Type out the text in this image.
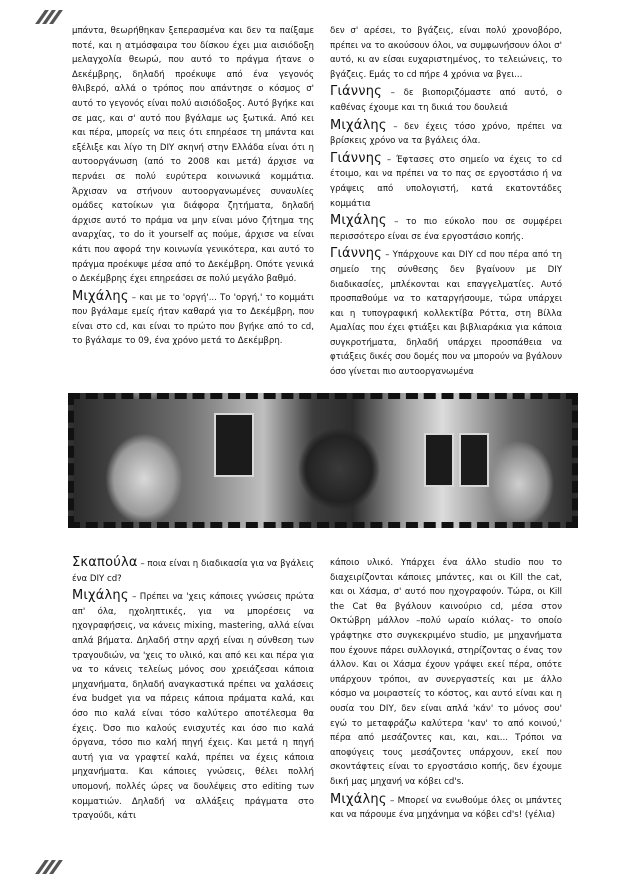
μπάντα, θεωρήθηκαν ξεπερασμένα και δεν τα παίξαμε ποτέ, και η ατμόσφαιρα του δίσκου έχει μια αισιόδοξη μελαγχολία θεωρώ, που αυτό το πράγμα ήτανε ο Δεκέμβρης, δηλαδή προέκυψε από ένα γεγονός θλιβερό, αλλά ο τρόπος που απάντησε ο κόσμος σ' αυτό το γεγονός είναι πολύ αισιόδοξος. Αυτό βγήκε και σε μας, και σ' αυτό που βγάλαμε ως ξωτικά. Από κει και πέρα, μπορείς να πεις ότι επηρέασε τη μπάντα και εξέλιξε και λίγο τη DIY σκηνή στην Ελλάδα είναι ότι η αυτοοργάνωση (από το 2008 και μετά) άρχισε να περνάει σε πολύ ευρύτερα κοινωνικά κομμάτια. Άρχισαν να στήνουν αυτοοργανωμένες συναυλίες ομάδες κατοίκων για διάφορα ζητήματα, δηλαδή άρχισε αυτό το πράμα να μην είναι μόνο ζήτημα της αναρχίας, το do it yourself ας πούμε, άρχισε να είναι κάτι που αφορά την κοινωνία γενικότερα, και αυτό το πράγμα προέκυψε μέσα από το Δεκέμβρη. Οπότε γενικά ο Δεκέμβρης έχει επηρεάσει σε πολύ μεγάλο βαθμό.

Μιχάλης – και με το 'οργή'... Το 'οργή,' το κομμάτι που βγάλαμε εμείς ήταν καθαρά για το Δεκέμβρη, που είναι στο cd, και είναι το πρώτο που βγήκε από το cd, το βγάλαμε το 09, ένα χρόνο μετά το Δεκέμβρη.

δεν σ' αρέσει, το βγάζεις, είναι πολύ χρονοβόρο, πρέπει να το ακούσουν όλοι, να συμφωνήσουν όλοι σ' αυτό, κι αν είσαι ευχαριστημένος, το τελειώνεις, το βγάζεις. Εμάς το cd πήρε 4 χρόνια να βγει...

Γιάννης – δε βιοποριζόμαστε από αυτό, ο καθένας έχουμε και τη δικιά του δουλειά

Μιχάλης – δεν έχεις τόσο χρόνο, πρέπει να βρίσκεις χρόνο να τα βγάλεις όλα.

Γιάννης – Έφτασες στο σημείο να έχεις το cd έτοιμο, και να πρέπει να το πας σε εργοστάσιο ή να γράψεις από υπολογιστή, κατά εκατοντάδες κομμάτια

Μιχάλης – το πιο εύκολο που σε συμφέρει περισσότερο είναι σε ένα εργοστάσιο κοπής.

Γιάννης – Υπάρχουνε και DIY cd που πέρα από τη σημείο της σύνθεσης δεν βγαίνουν με DIY διαδικασίες, μπλέκονται και επαγγελματίες. Αυτό προσπαθούμε να το καταργήσουμε, τώρα υπάρχει και η τυπογραφική κολλεκτίβα Ρόττα, στη Βίλλα Αμαλίας που έχει φτιάξει και βιβλιαράκια για κάποια συγκροτήματα, δηλαδή υπάρχει προσπάθεια να φτιάξεις δικές σου δομές που να μπορούν να βγάλουν όσο γίνεται πιο αυτοοργανωμένα

Σκαπούλα – ποια είναι η διαδικασία για να βγάλεις ένα DIY cd?

Μιχάλης – Πρέπει να 'χεις κάποιες γνώσεις πρώτα απ' όλα, ηχοληπτικές, για να μπορέσεις να ηχογραφήσεις, να κάνεις mixing, mastering, αλλά είναι απλά βήματα. Δηλαδή στην αρχή είναι η σύνθεση των τραγουδιών, να 'χεις το υλικό, και από κει και πέρα για να το κάνεις τελείως μόνος σου χρειάζεσαι κάποια μηχανήματα, δηλαδή αναγκαστικά πρέπει να χαλάσεις ένα budget για να πάρεις κάποια πράματα καλά, και όσο πιο καλά είναι τόσο καλύτερο αποτέλεσμα θα έχεις. Όσο πιο καλούς ενισχυτές και όσο πιο καλά όργανα, τόσο πιο καλή πηγή έχεις. Και μετά η πηγή αυτή για να γραφτεί καλά, πρέπει να έχεις κάποια μηχανήματα. Και κάποιες γνώσεις, θέλει πολλή υπομονή, πολλές ώρες να δουλέψεις στο editing των κομματιών. Δηλαδή να αλλάξεις πράγματα στο τραγούδι, κάτι

κάποιο υλικό. Υπάρχει ένα άλλο studio που το διαχειρίζονται κάποιες μπάντες, και οι Kill the cat, και οι Χάσμα, σ' αυτό που ηχογραφούν. Τώρα, οι Kill the Cat θα βγάλουν καινούριο cd, μέσα στον Οκτώβρη μάλλον –πολύ ωραίο κιόλας- το οποίο γράφτηκε στο συγκεκριμένο studio, με μηχανήματα που έχουνε πάρει συλλογικά, στηρίζοντας ο ένας τον άλλον. Και οι Χάσμα έχουν γράψει εκεί πέρα, οπότε υπάρχουν τρόποι, αν συνεργαστείς και με άλλο κόσμο να μοιραστείς το κόστος, και αυτό είναι και η ουσία του DIY, δεν είναι απλά 'κάν' το μόνος σου' εγώ το μεταφράζω καλύτερα 'καν' το από κοινού,' πέρα από μεσάζοντες και, και, και... Τρόποι να αποφύγεις τους μεσάζοντες υπάρχουν, εκεί που σκοντάφτεις είναι το εργοστάσιο κοπής, δεν έχουμε δική μας μηχανή να κόβει cd's.

Μιχάλης – Μπορεί να ενωθούμε όλες οι μπάντες και να πάρουμε ένα μηχάνημα να κόβει cd's! (γέλια)
